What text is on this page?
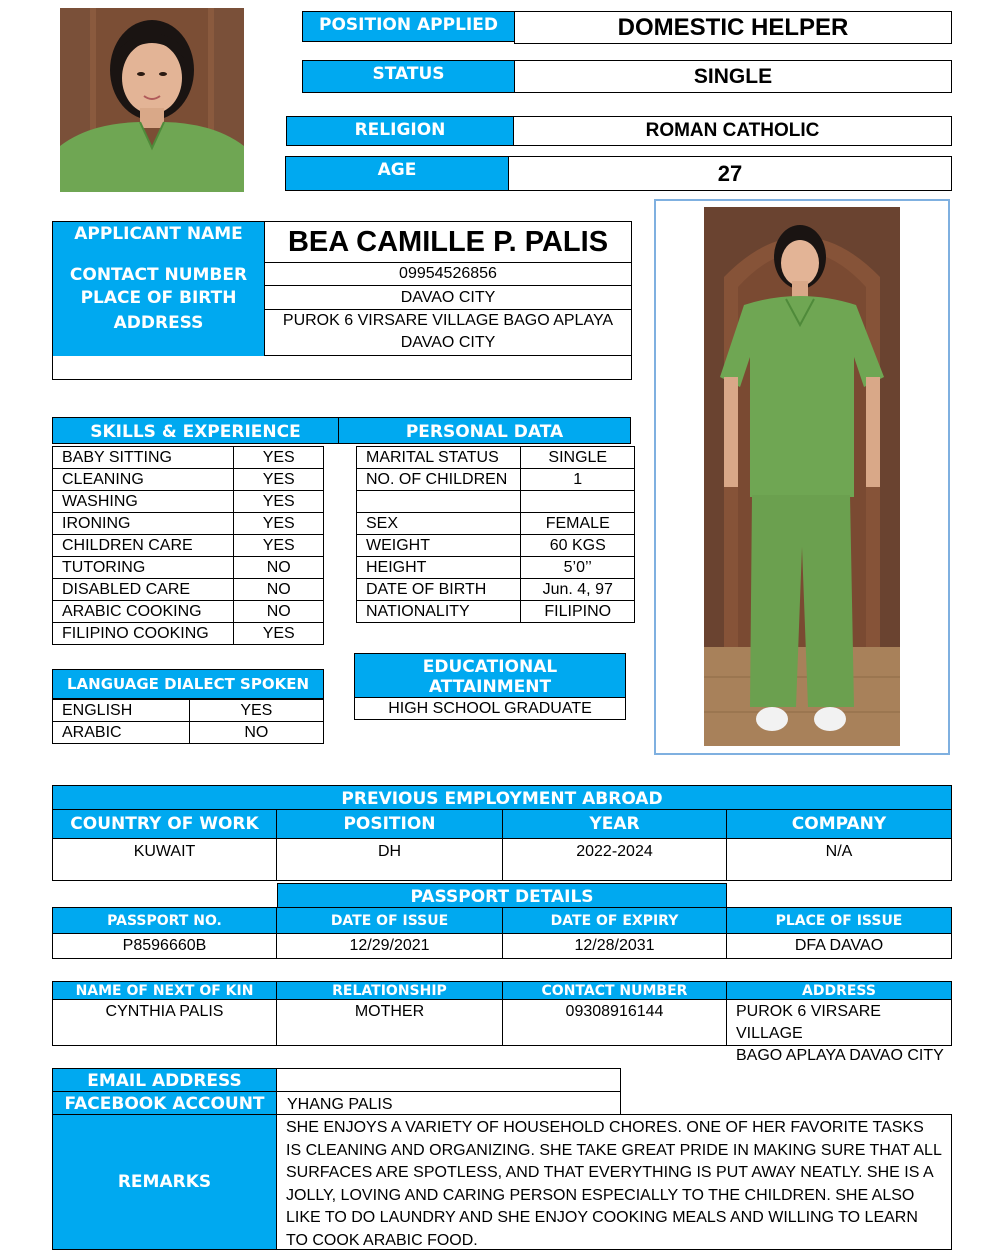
POSITION APPLIED	DOMESTIC HELPER
STATUS	SINGLE
RELIGION	ROMAN CATHOLIC
AGE	27
APPLICANT NAME	BEA CAMILLE P. PALIS
CONTACT NUMBER	09954526856
PLACE OF BIRTH	DAVAO CITY
ADDRESS	PUROK 6 VIRSARE VILLAGE BAGO APLAYA
DAVAO CITY
SKILLS & EXPERIENCE	PERSONAL DATA
BABY SITTING	YES
CLEANING	YES
WASHING	YES
IRONING	YES
CHILDREN CARE	YES
TUTORING	NO
DISABLED CARE	NO
ARABIC COOKING	NO
FILIPINO COOKING	YES
MARITAL STATUS	SINGLE
NO. OF CHILDREN	1

SEX	FEMALE
WEIGHT	60 KGS
HEIGHT	5’0’’
DATE OF BIRTH	Jun. 4, 97
NATIONALITY	FILIPINO
LANGUAGE DIALECT SPOKEN
ENGLISH	YES
ARABIC	NO
EDUCATIONAL
ATTAINMENT
HIGH SCHOOL GRADUATE
PREVIOUS EMPLOYMENT ABROAD
COUNTRY OF WORK	POSITION	YEAR	COMPANY
KUWAIT	DH	2022-2024	N/A
PASSPORT DETAILS
PASSPORT NO.	DATE OF ISSUE	DATE OF EXPIRY	PLACE OF ISSUE
P8596660B	12/29/2021	12/28/2031	DFA DAVAO
NAME OF NEXT OF KIN	RELATIONSHIP	CONTACT NUMBER	ADDRESS
CYNTHIA PALIS	MOTHER	09308916144	PUROK 6 VIRSARE VILLAGE
BAGO APLAYA DAVAO CITY
EMAIL ADDRESS
FACEBOOK ACCOUNT	YHANG PALIS
REMARKS
SHE ENJOYS A VARIETY OF HOUSEHOLD CHORES. ONE OF HER FAVORITE TASKS IS CLEANING AND ORGANIZING. SHE TAKE GREAT PRIDE IN MAKING SURE THAT ALL SURFACES ARE SPOTLESS, AND THAT EVERYTHING IS PUT AWAY NEATLY. SHE IS A JOLLY, LOVING AND CARING PERSON ESPECIALLY TO THE CHILDREN. SHE ALSO LIKE TO DO LAUNDRY AND SHE ENJOY COOKING MEALS AND WILLING TO LEARN TO COOK ARABIC FOOD.
